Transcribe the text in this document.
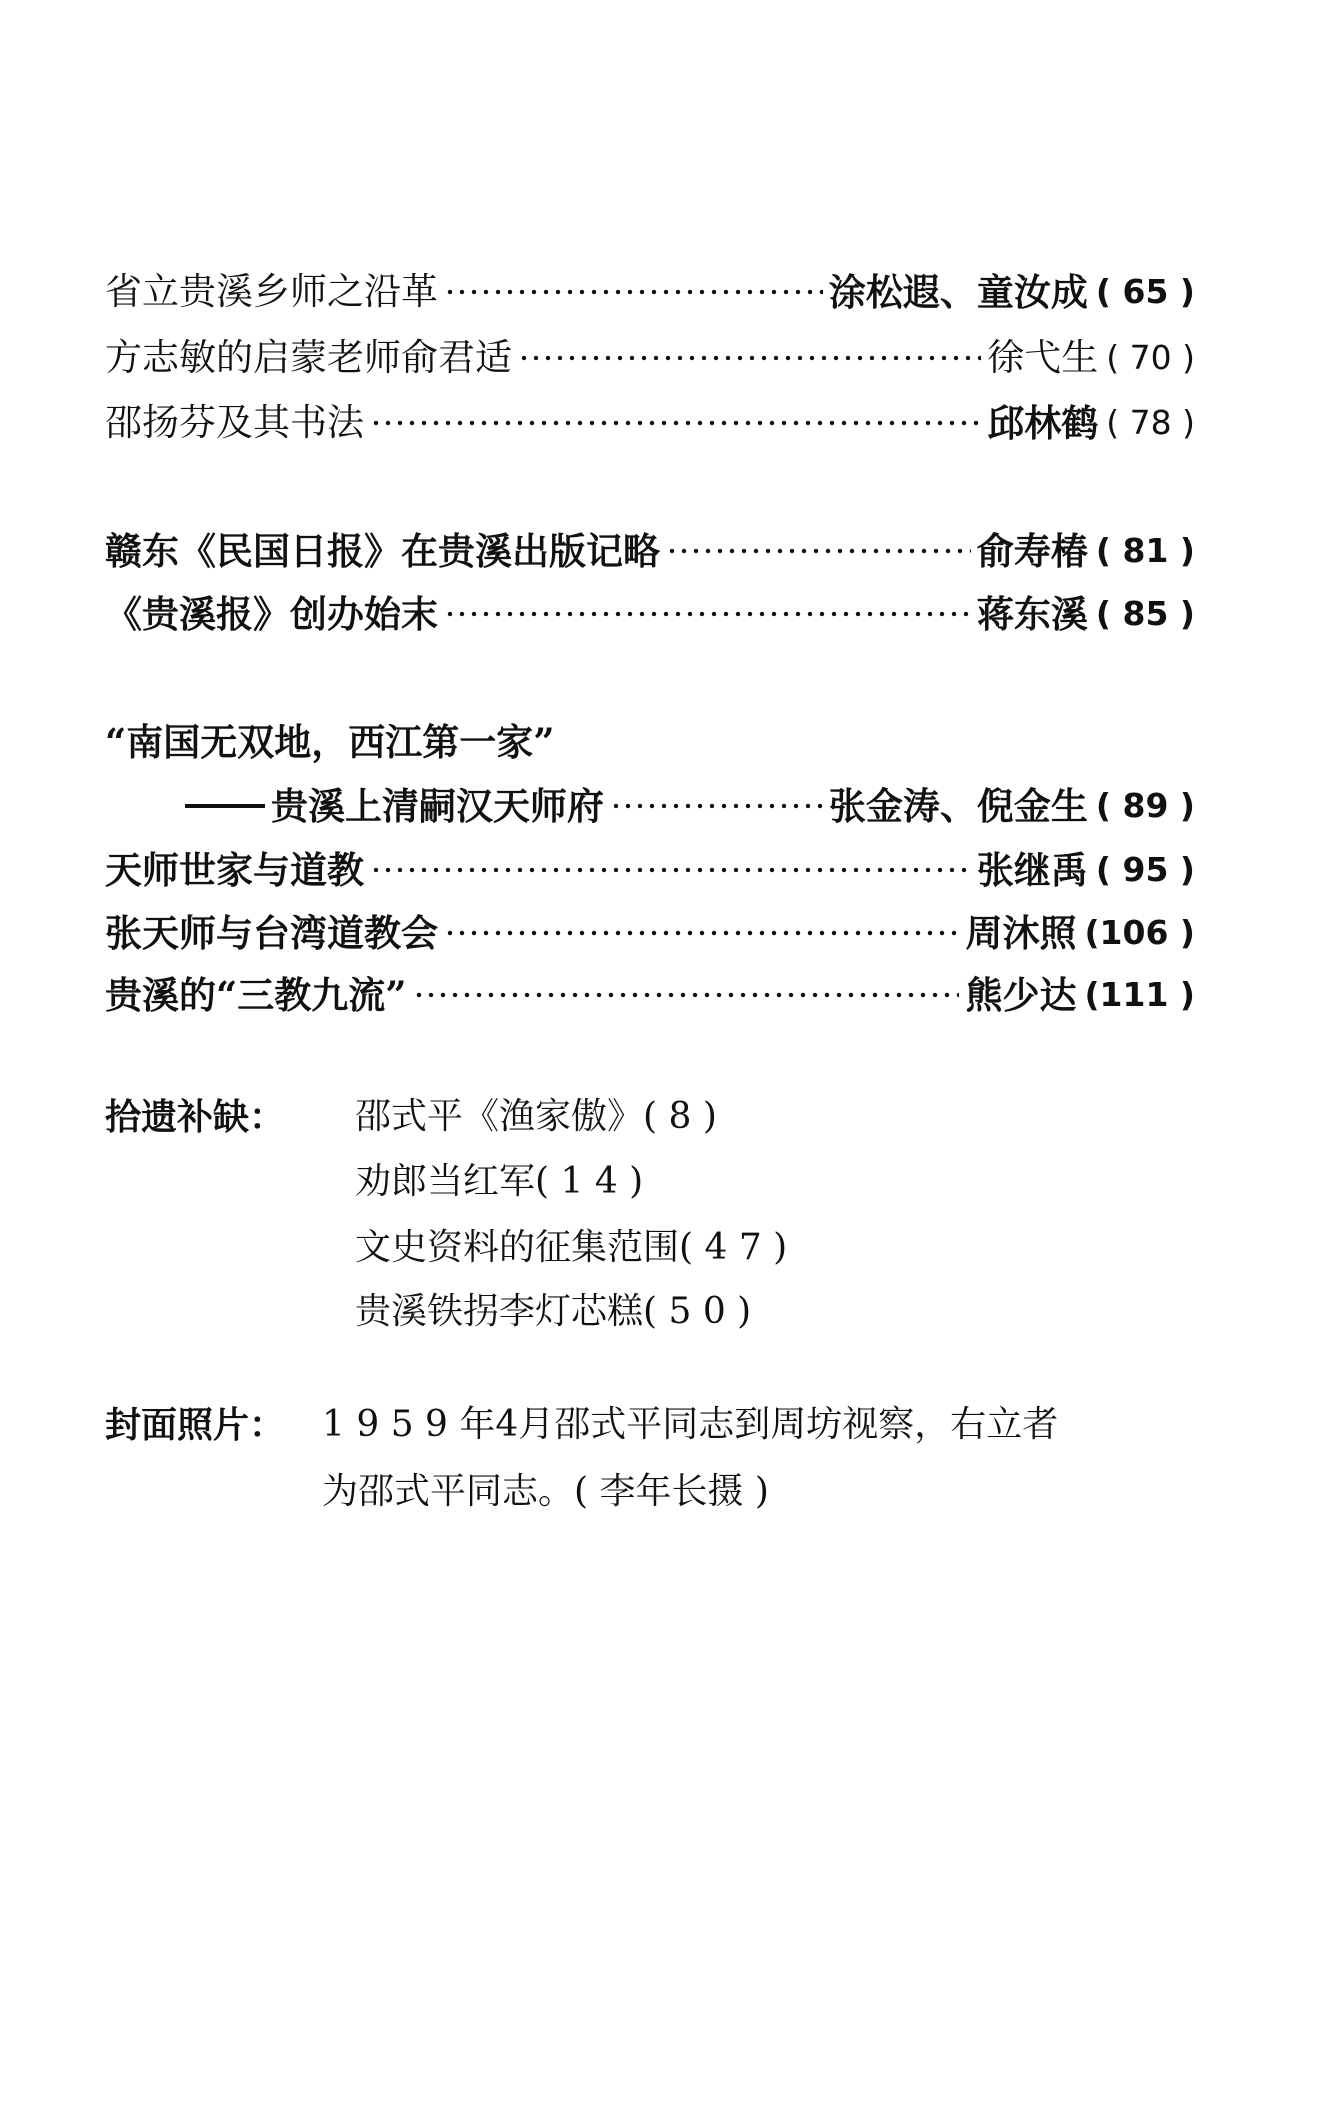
省立贵溪乡师之沿革	涂松遐、童汝成 ( 65 )
方志敏的启蒙老师俞君适	徐弋生 ( 70 )
邵扬芬及其书法	邱林鹤 ( 78 )
赣东《民国日报》在贵溪出版记略	俞寿椿 ( 81 )
《贵溪报》创办始末	蒋东溪 ( 85 )
“南国无双地，西江第一家”
贵溪上清嗣汉天师府	张金涛、倪金生 ( 89 )
天师世家与道教	张继禹 ( 95 )
张天师与台湾道教会	周沐照 (106 )
贵溪的“三教九流”	熊少达 (111 )
拾遗补缺： 邵式平《渔家傲》( 8 )
劝郎当红军( 1 4 )
文史资料的征集范围( 4 7 )
贵溪铁拐李灯芯糕( 5 0 )
封面照片： 1 9 5 9 年4月邵式平同志到周坊视察，右立者
为邵式平同志。( 李年长摄 )
